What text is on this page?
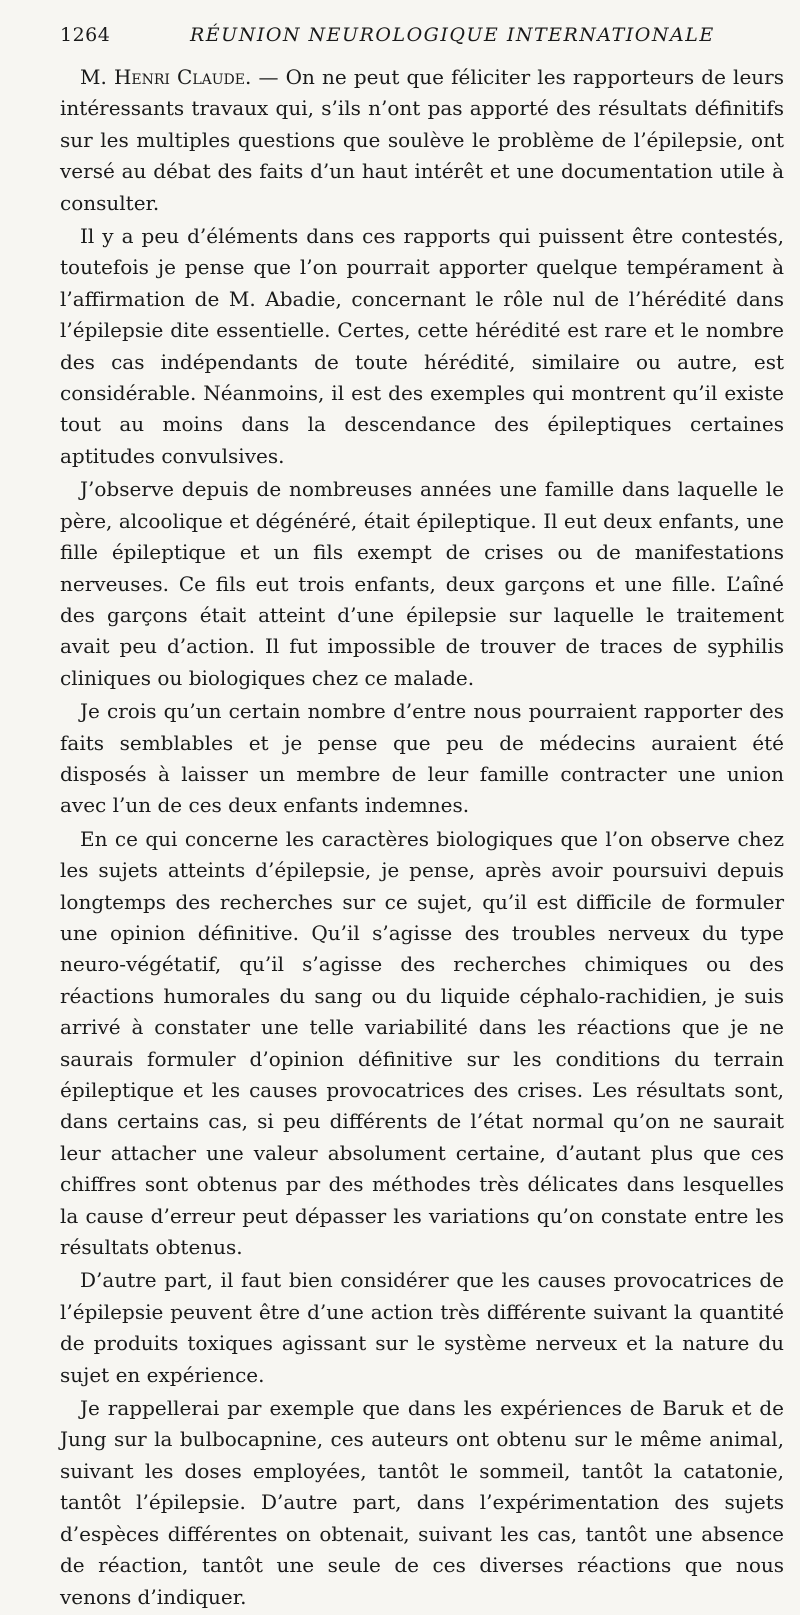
1264	RÉUNION NEUROLOGIQUE INTERNATIONALE

M. Henri Claude. — On ne peut que féliciter les rapporteurs de leurs intéressants travaux qui, s’ils n’ont pas apporté des résultats définitifs sur les multiples questions que soulève le problème de l’épilepsie, ont versé au débat des faits d’un haut intérêt et une documentation utile à consulter.

Il y a peu d’éléments dans ces rapports qui puissent être contestés, toutefois je pense que l’on pourrait apporter quelque tempérament à l’affirmation de M. Abadie, concernant le rôle nul de l’hérédité dans l’épilepsie dite essentielle. Certes, cette hérédité est rare et le nombre des cas indépendants de toute hérédité, similaire ou autre, est considérable. Néanmoins, il est des exemples qui montrent qu’il existe tout au moins dans la descendance des épileptiques certaines aptitudes convulsives.

J’observe depuis de nombreuses années une famille dans laquelle le père, alcoolique et dégénéré, était épileptique. Il eut deux enfants, une fille épileptique et un fils exempt de crises ou de manifestations nerveuses. Ce fils eut trois enfants, deux garçons et une fille. L’aîné des garçons était atteint d’une épilepsie sur laquelle le traitement avait peu d’action. Il fut impossible de trouver de traces de syphilis cliniques ou biologiques chez ce malade.

Je crois qu’un certain nombre d’entre nous pourraient rapporter des faits semblables et je pense que peu de médecins auraient été disposés à laisser un membre de leur famille contracter une union avec l’un de ces deux enfants indemnes.

En ce qui concerne les caractères biologiques que l’on observe chez les sujets atteints d’épilepsie, je pense, après avoir poursuivi depuis longtemps des recherches sur ce sujet, qu’il est difficile de formuler une opinion définitive. Qu’il s’agisse des troubles nerveux du type neuro-végétatif, qu’il s’agisse des recherches chimiques ou des réactions humorales du sang ou du liquide céphalo-rachidien, je suis arrivé à constater une telle variabilité dans les réactions que je ne saurais formuler d’opinion définitive sur les conditions du terrain épileptique et les causes provocatrices des crises. Les résultats sont, dans certains cas, si peu différents de l’état normal qu’on ne saurait leur attacher une valeur absolument certaine, d’autant plus que ces chiffres sont obtenus par des méthodes très délicates dans lesquelles la cause d’erreur peut dépasser les variations qu’on constate entre les résultats obtenus.

D’autre part, il faut bien considérer que les causes provocatrices de l’épilepsie peuvent être d’une action très différente suivant la quantité de produits toxiques agissant sur le système nerveux et la nature du sujet en expérience.

Je rappellerai par exemple que dans les expériences de Baruk et de Jung sur la bulbocapnine, ces auteurs ont obtenu sur le même animal, suivant les doses employées, tantôt le sommeil, tantôt la catatonie, tantôt l’épilepsie. D’autre part, dans l’expérimentation des sujets d’espèces différentes on obtenait, suivant les cas, tantôt une absence de réaction, tantôt une seule de ces diverses réactions que nous venons d’indiquer.
